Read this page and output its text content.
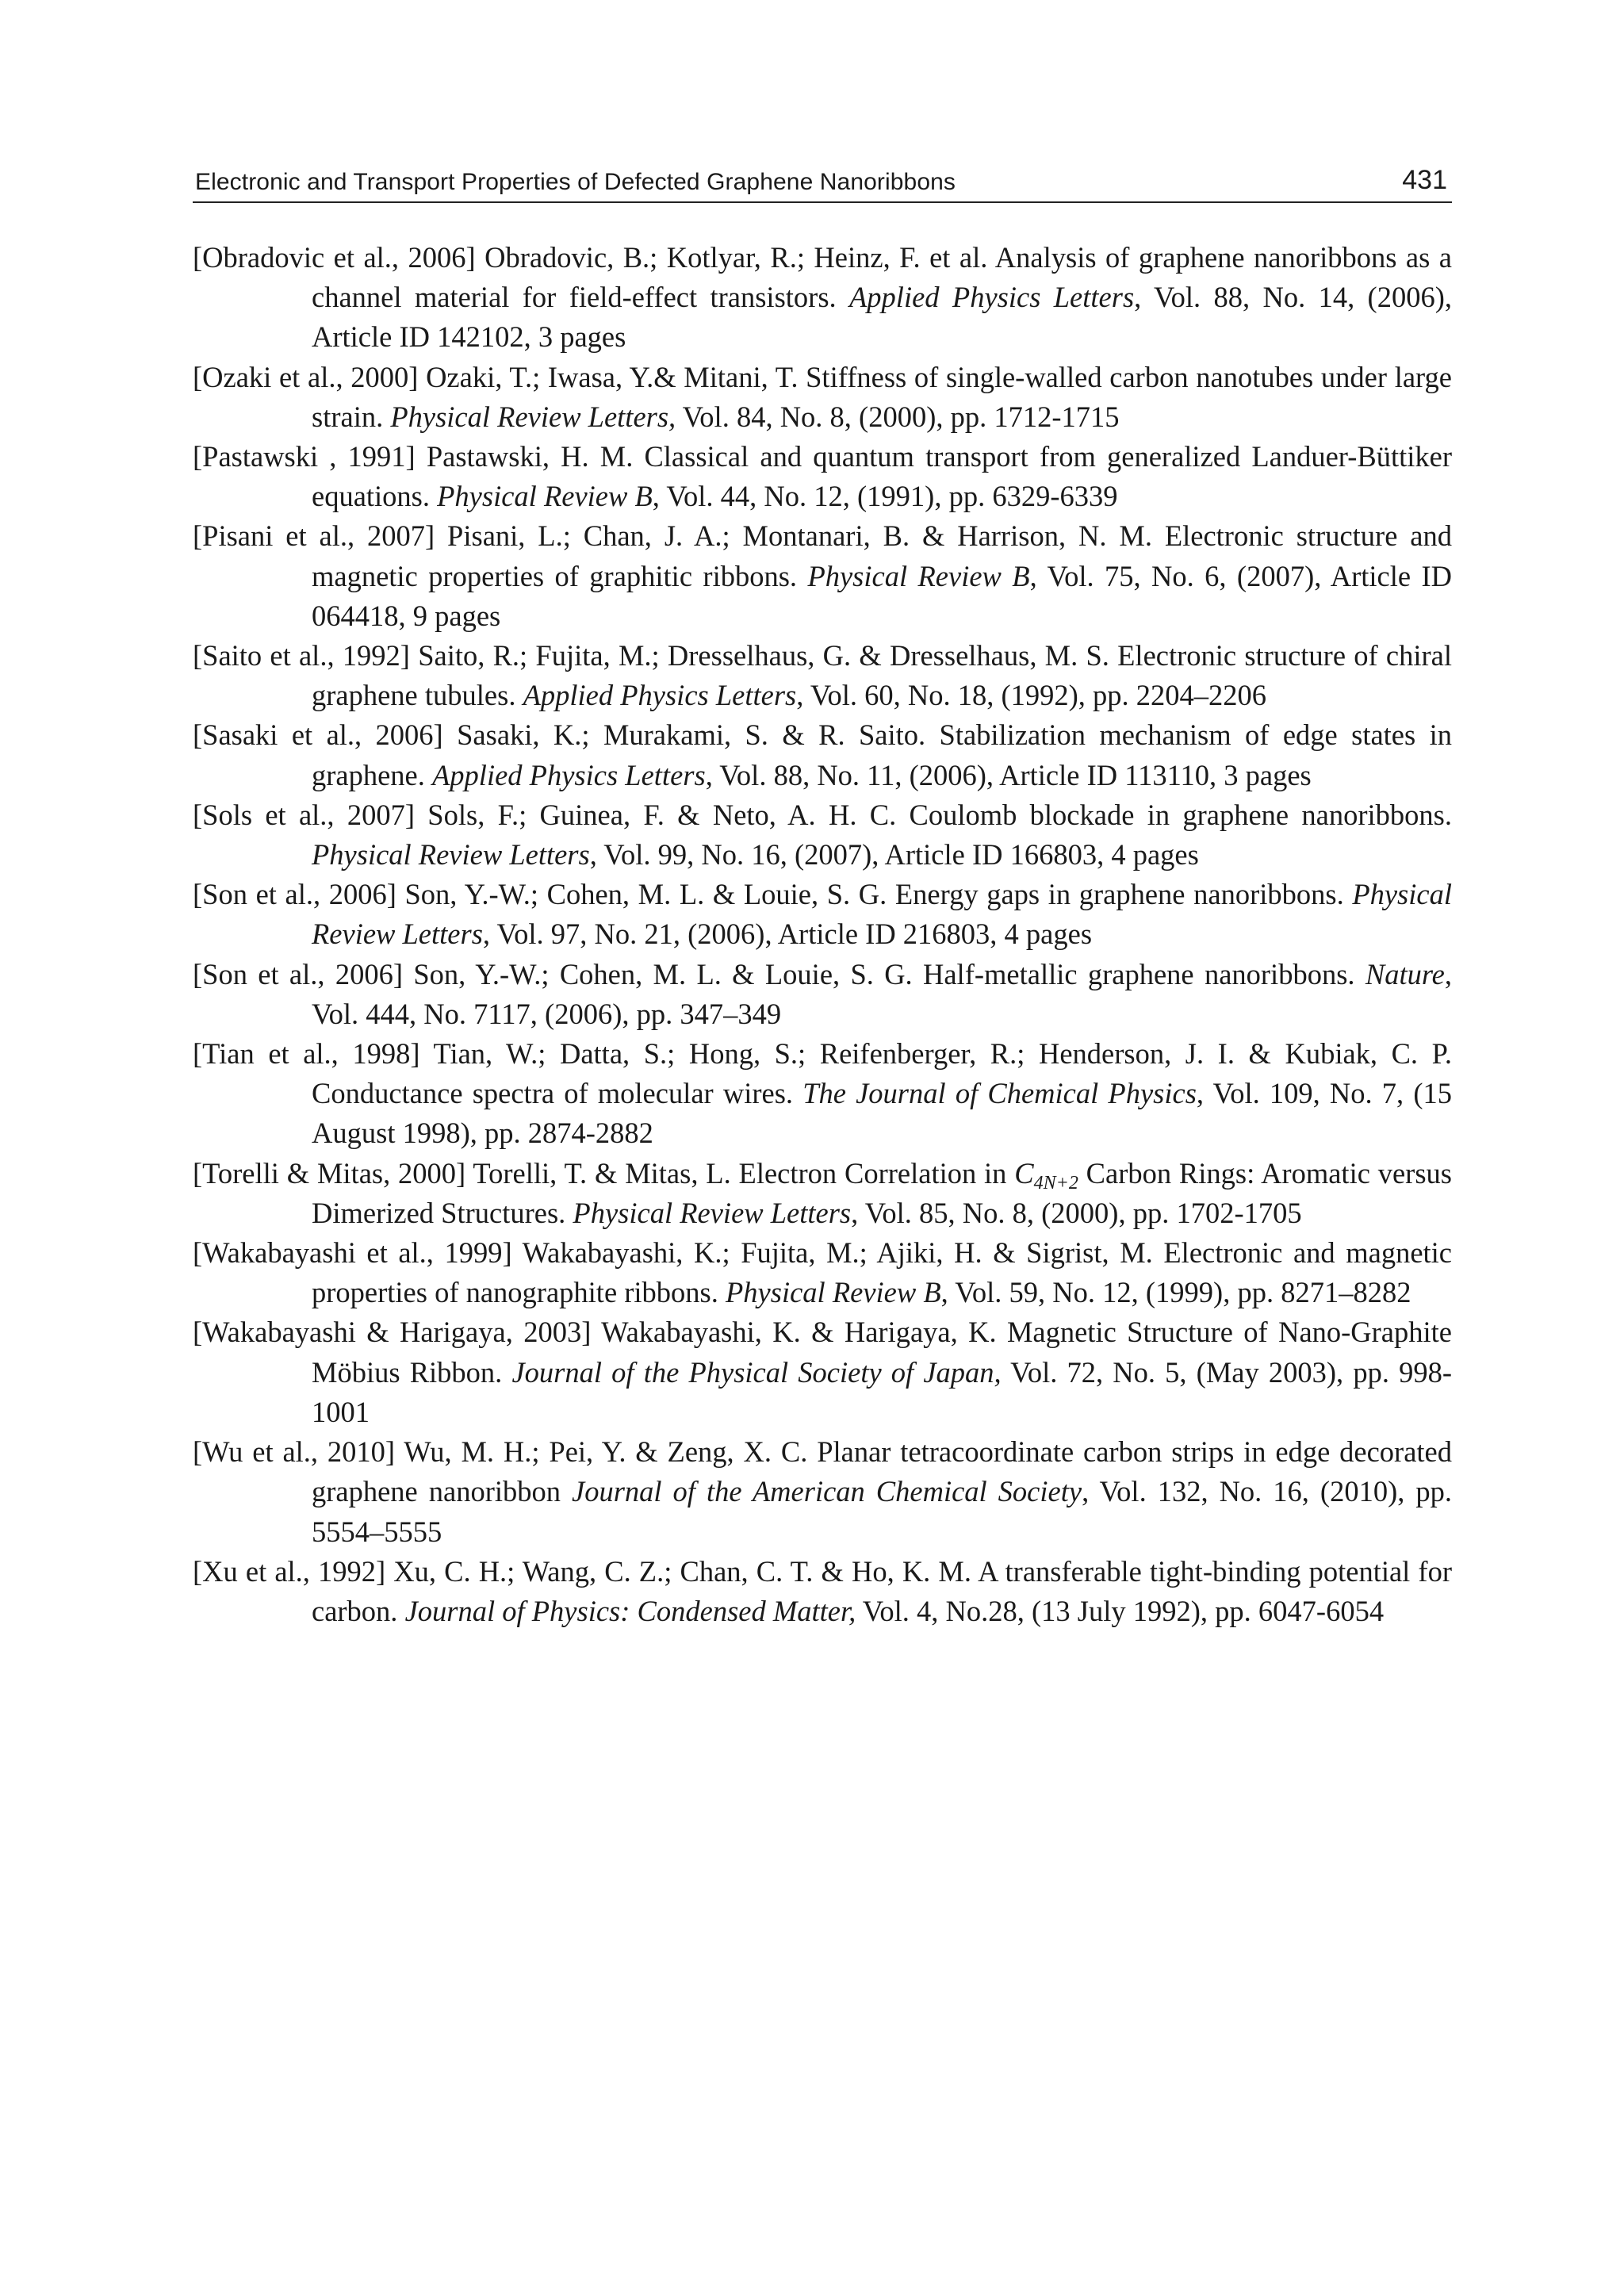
Electronic and Transport Properties of Defected Graphene Nanoribbons	431

[Obradovic et al., 2006] Obradovic, B.; Kotlyar, R.; Heinz, F. et al. Analysis of graphene nanoribbons as a channel material for field-effect transistors. Applied Physics Letters, Vol. 88, No. 14, (2006), Article ID 142102, 3 pages

[Ozaki et al., 2000] Ozaki, T.; Iwasa, Y.& Mitani, T. Stiffness of single-walled carbon nanotubes under large strain. Physical Review Letters, Vol. 84, No. 8, (2000), pp. 1712-1715

[Pastawski , 1991] Pastawski, H. M. Classical and quantum transport from generalized Landuer-Büttiker equations. Physical Review B, Vol. 44, No. 12, (1991), pp. 6329-6339

[Pisani et al., 2007] Pisani, L.; Chan, J. A.; Montanari, B. & Harrison, N. M. Electronic structure and magnetic properties of graphitic ribbons. Physical Review B, Vol. 75, No. 6, (2007), Article ID 064418, 9 pages

[Saito et al., 1992] Saito, R.; Fujita, M.; Dresselhaus, G. & Dresselhaus, M. S. Electronic structure of chiral graphene tubules. Applied Physics Letters, Vol. 60, No. 18, (1992), pp. 2204–2206

[Sasaki et al., 2006] Sasaki, K.; Murakami, S. & R. Saito. Stabilization mechanism of edge states in graphene. Applied Physics Letters, Vol. 88, No. 11, (2006), Article ID 113110, 3 pages

[Sols et al., 2007] Sols, F.; Guinea, F. & Neto, A. H. C. Coulomb blockade in graphene nanoribbons. Physical Review Letters, Vol. 99, No. 16, (2007), Article ID 166803, 4 pages

[Son et al., 2006] Son, Y.-W.; Cohen, M. L. & Louie, S. G. Energy gaps in graphene nanoribbons. Physical Review Letters, Vol. 97, No. 21, (2006), Article ID 216803, 4 pages

[Son et al., 2006] Son, Y.-W.; Cohen, M. L. & Louie, S. G. Half-metallic graphene nanoribbons. Nature, Vol. 444, No. 7117, (2006), pp. 347–349

[Tian et al., 1998] Tian, W.; Datta, S.; Hong, S.; Reifenberger, R.; Henderson, J. I. & Kubiak, C. P. Conductance spectra of molecular wires. The Journal of Chemical Physics, Vol. 109, No. 7, (15 August 1998), pp. 2874-2882

[Torelli & Mitas, 2000] Torelli, T. & Mitas, L. Electron Correlation in $C_{4N+2}$ Carbon Rings: Aromatic versus Dimerized Structures. Physical Review Letters, Vol. 85, No. 8, (2000), pp. 1702-1705

[Wakabayashi et al., 1999] Wakabayashi, K.; Fujita, M.; Ajiki, H. & Sigrist, M. Electronic and magnetic properties of nanographite ribbons. Physical Review B, Vol. 59, No. 12, (1999), pp. 8271–8282

[Wakabayashi & Harigaya, 2003] Wakabayashi, K. & Harigaya, K. Magnetic Structure of Nano-Graphite Möbius Ribbon. Journal of the Physical Society of Japan, Vol. 72, No. 5, (May 2003), pp. 998-1001

[Wu et al., 2010] Wu, M. H.; Pei, Y. & Zeng, X. C. Planar tetracoordinate carbon strips in edge decorated graphene nanoribbon Journal of the American Chemical Society, Vol. 132, No. 16, (2010), pp. 5554–5555

[Xu et al., 1992] Xu, C. H.; Wang, C. Z.; Chan, C. T. & Ho, K. M. A transferable tight-binding potential for carbon. Journal of Physics: Condensed Matter, Vol. 4, No.28, (13 July 1992), pp. 6047-6054
